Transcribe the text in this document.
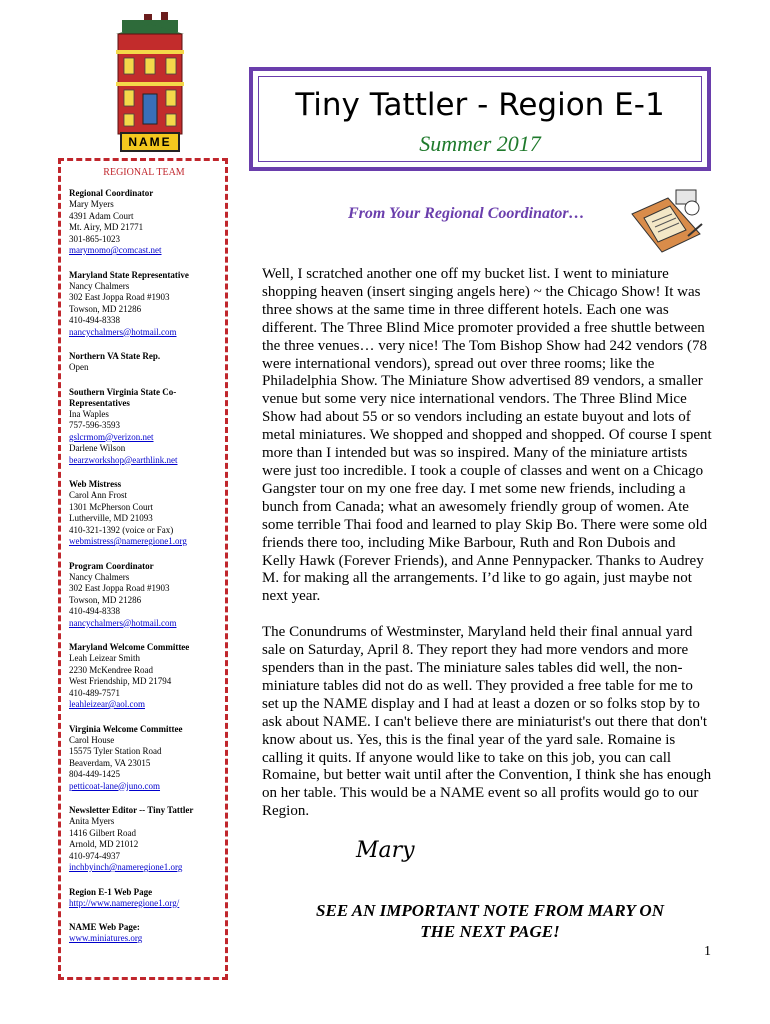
NAME
REGIONAL TEAM
Regional Coordinator
Mary Myers
4391 Adam Court
Mt. Airy, MD 21771
301-865-1023
marymomo@comcast.net
Maryland State Representative
Nancy Chalmers
302 East Joppa Road #1903
Towson, MD 21286
410-494-8338
nancychalmers@hotmail.com
Northern VA State Rep.
Open
Southern Virginia State Co-Representatives
Ina Waples
757-596-3593
gslcrmom@verizon.net
Darlene Wilson
bearzworkshop@earthlink.net
Web Mistress
Carol Ann Frost
1301 McPherson Court
Lutherville, MD 21093
410-321-1392 (voice or Fax)
webmistress@nameregione1.org
Program Coordinator
Nancy Chalmers
302 East Joppa Road #1903
Towson, MD 21286
410-494-8338
nancychalmers@hotmail.com
Maryland Welcome Committee
Leah Leizear Smith
2230 McKendree Road
West Friendship, MD 21794
410-489-7571
leahleizear@aol.com
Virginia Welcome Committee
Carol House
15575 Tyler Station Road
Beaverdam, VA 23015
804-449-1425
petticoat-lane@juno.com
Newsletter Editor -- Tiny Tattler
Anita Myers
1416 Gilbert Road
Arnold, MD 21012
410-974-4937
inchbyinch@nameregione1.org
Region E-1 Web Page
http://www.nameregione1.org/
NAME Web Page:
www.miniatures.org
Tiny Tattler - Region E-1
Summer 2017
From Your Regional Coordinator…

Well, I scratched another one off my bucket list. I went to miniature shopping heaven (insert singing angels here) ~ the Chicago Show! It was three shows at the same time in three different hotels. Each one was different. The Three Blind Mice promoter provided a free shuttle between the three venues… very nice! The Tom Bishop Show had 242 vendors (78 were international vendors), spread out over three rooms; like the Philadelphia Show. The Miniature Show advertised 89 vendors, a smaller venue but some very nice international vendors. The Three Blind Mice Show had about 55 or so vendors including an estate buyout and lots of metal miniatures. We shopped and shopped and shopped. Of course I spent more than I intended but was so inspired. Many of the miniature artists were just too incredible. I took a couple of classes and went on a Chicago Gangster tour on my one free day. I met some new friends, including a bunch from Canada; what an awesomely friendly group of women. Ate some terrible Thai food and learned to play Skip Bo. There were some old friends there too, including Mike Barbour, Ruth and Ron Dubois and Kelly Hawk (Forever Friends), and Anne Pennypacker. Thanks to Audrey M. for making all the arrangements. I’d like to go again, just maybe not next year.

The Conundrums of Westminster, Maryland held their final annual yard sale on Saturday, April 8. They report they had more vendors and more spenders than in the past. The miniature sales tables did well, the non-miniature tables did not do as well. They provided a free table for me to set up the NAME display and I had at least a dozen or so folks stop by to ask about NAME. I can't believe there are miniaturist's out there that don't know about us. Yes, this is the final year of the yard sale. Romaine is calling it quits. If anyone would like to take on this job, you can call Romaine, but better wait until after the Convention, I think she has enough on her table. This would be a NAME event so all profits would go to our Region.

Mary
SEE AN IMPORTANT NOTE FROM MARY ON THE NEXT PAGE!
1
